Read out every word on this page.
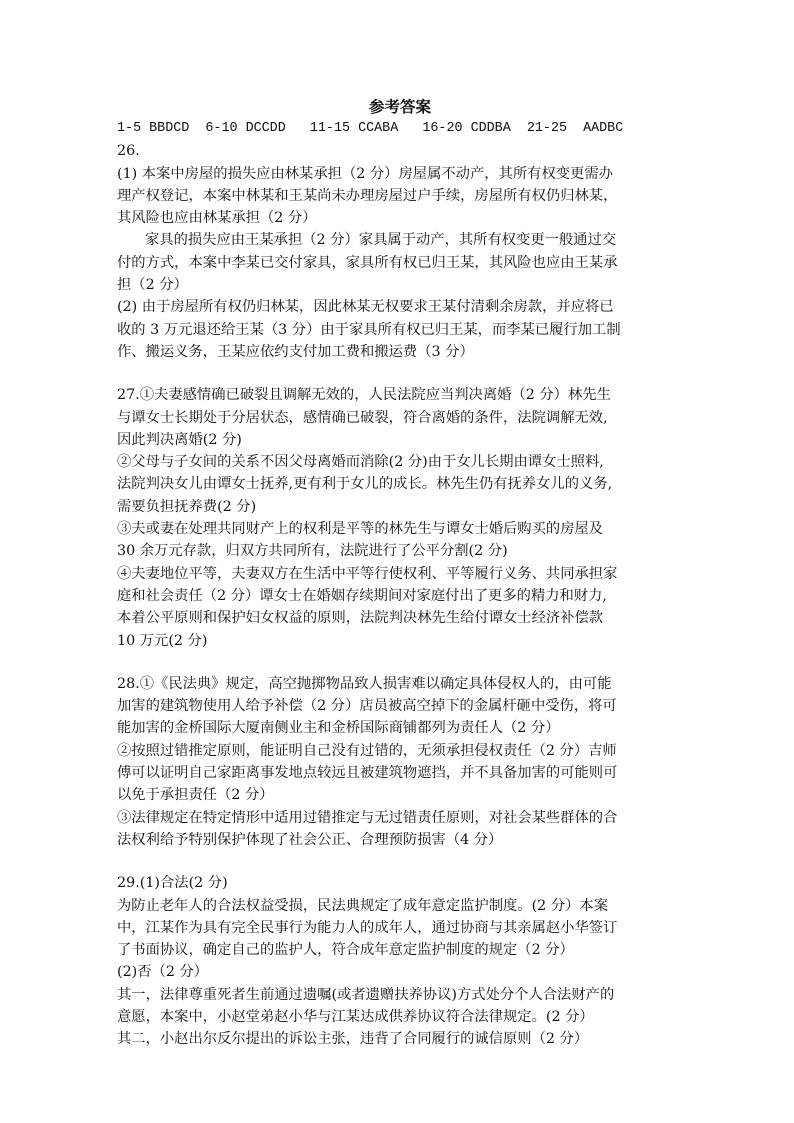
参考答案
1-5 BBDCD  6-10 DCCDD   11-15 CCABA   16-20 CDDBA  21-25  AADBC
26.
(1) 本案中房屋的损失应由林某承担（2 分）房屋属不动产，其所有权变更需办
理产权登记，本案中林某和王某尚未办理房屋过户手续，房屋所有权仍归林某，
其风险也应由林某承担（2 分）
家具的损失应由王某承担（2 分）家具属于动产，其所有权变更一般通过交
付的方式，本案中李某已交付家具，家具所有权已归王某，其风险也应由王某承
担（2 分）
(2) 由于房屋所有权仍归林某，因此林某无权要求王某付清剩余房款，并应将已
收的 3 万元退还给王某（3 分）由于家具所有权已归王某，而李某已履行加工制
作、搬运义务，王某应依约支付加工费和搬运费（3 分）
27.①夫妻感情确已破裂且调解无效的，人民法院应当判决离婚（2 分）林先生
与谭女士长期处于分居状态，感情确已破裂，符合离婚的条件，法院调解无效,
因此判决离婚(2 分)
②父母与子女间的关系不因父母离婚而消除(2 分)由于女儿长期由谭女士照料,
法院判决女儿由谭女士抚养,更有利于女儿的成长。林先生仍有抚养女儿的义务,
需要负担抚养费(2 分)
③夫或妻在处理共同财产上的权利是平等的林先生与谭女士婚后购买的房屋及
30 余万元存款，归双方共同所有，法院进行了公平分割(2 分)
④夫妻地位平等，夫妻双方在生活中平等行使权利、平等履行义务、共同承担家
庭和社会责任（2 分）谭女士在婚姻存续期间对家庭付出了更多的精力和财力,
本着公平原则和保护妇女权益的原则，法院判决林先生给付谭女士经济补偿款
10 万元(2 分)
28.①《民法典》规定，高空抛掷物品致人损害难以确定具体侵权人的，由可能
加害的建筑物使用人给予补偿（2 分）店员被高空掉下的金属杆砸中受伤，将可
能加害的金桥国际大厦南侧业主和金桥国际商铺都列为责任人（2 分）
②按照过错推定原则，能证明自己没有过错的，无须承担侵权责任（2 分）吉师
傅可以证明自己家距离事发地点较远且被建筑物遮挡，并不具备加害的可能则可
以免于承担责任（2 分）
③法律规定在特定情形中适用过错推定与无过错责任原则，对社会某些群体的合
法权利给予特别保护体现了社会公正、合理预防损害（4 分）
29.(1)合法(2 分)
为防止老年人的合法权益受损，民法典规定了成年意定监护制度。(2 分）本案
中，江某作为具有完全民事行为能力人的成年人，通过协商与其亲属赵小华签订
了书面协议，确定自己的监护人，符合成年意定监护制度的规定（2 分）
(2)否（2 分）
其一，法律尊重死者生前通过遗嘱(或者遗赠扶养协议)方式处分个人合法财产的
意愿，本案中，小赵堂弟赵小华与江某达成供养协议符合法律规定。(2 分）
其二，小赵出尔反尔提出的诉讼主张，违背了合同履行的诚信原则（2 分）
